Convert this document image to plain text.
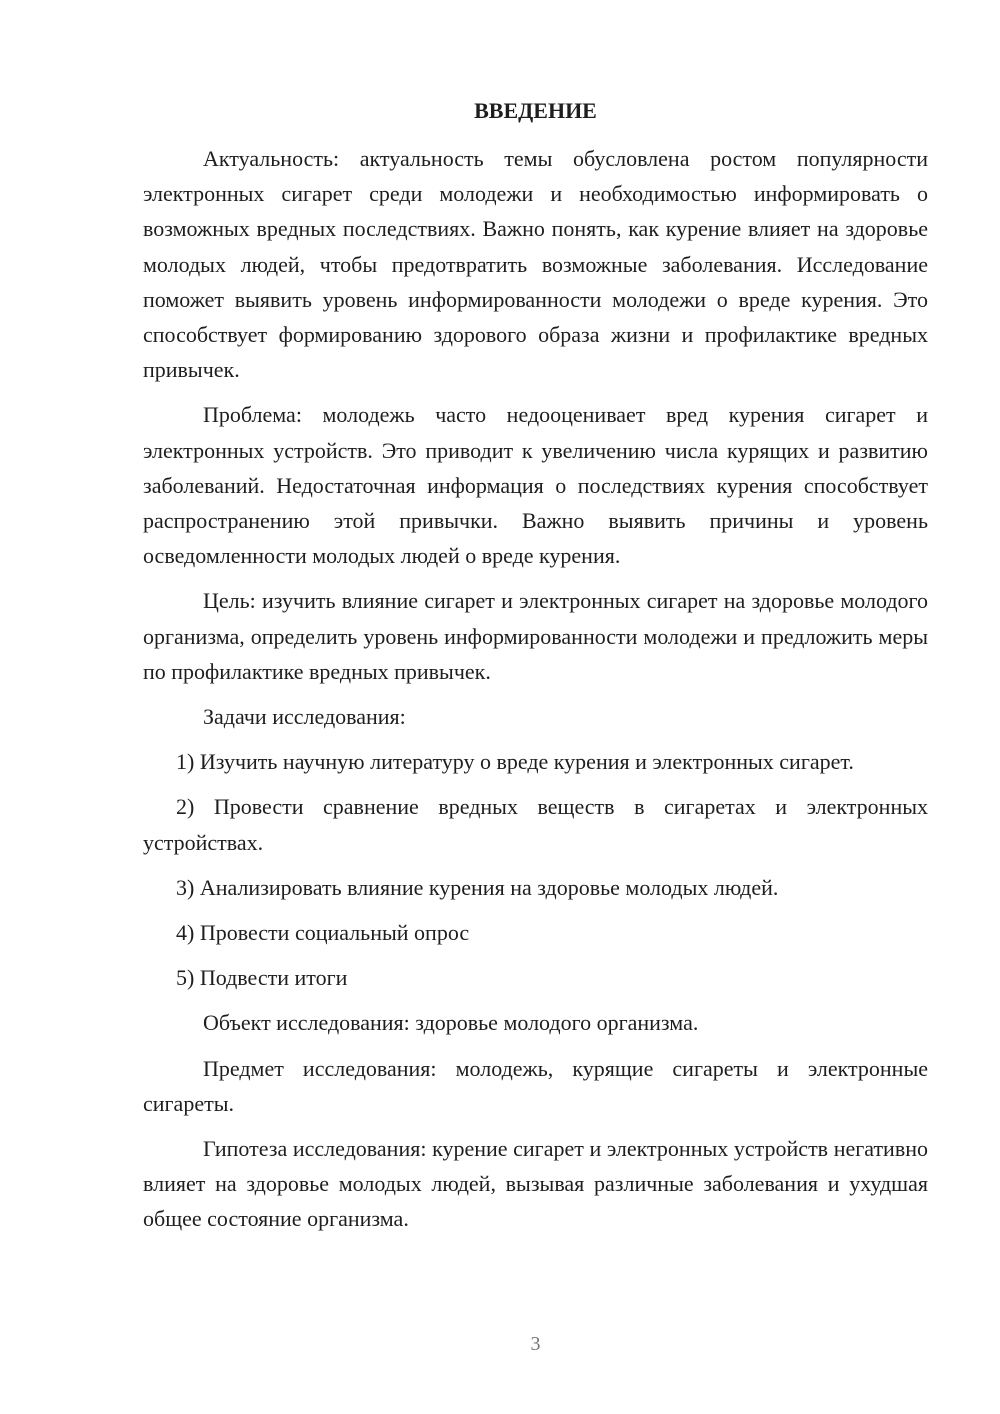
ВВЕДЕНИЕ

Актуальность: актуальность темы обусловлена ростом популярности электронных сигарет среди молодежи и необходимостью информировать о возможных вредных последствиях. Важно понять, как курение влияет на здоровье молодых людей, чтобы предотвратить возможные заболевания. Исследование поможет выявить уровень информированности молодежи о вреде курения. Это способствует формированию здорового образа жизни и профилактике вредных привычек.

Проблема: молодежь часто недооценивает вред курения сигарет и электронных устройств. Это приводит к увеличению числа курящих и развитию заболеваний. Недостаточная информация о последствиях курения способствует распространению этой привычки. Важно выявить причины и уровень осведомленности молодых людей о вреде курения.

Цель: изучить влияние сигарет и электронных сигарет на здоровье молодого организма, определить уровень информированности молодежи и предложить меры по профилактике вредных привычек.

Задачи исследования:

1) Изучить научную литературу о вреде курения и электронных сигарет.

2) Провести сравнение вредных веществ в сигаретах и электронных устройствах.

3) Анализировать влияние курения на здоровье молодых людей.

4) Провести социальный опрос

5) Подвести итоги

Объект исследования: здоровье молодого организма.

Предмет исследования: молодежь, курящие сигареты и электронные сигареты.

Гипотеза исследования: курение сигарет и электронных устройств негативно влияет на здоровье молодых людей, вызывая различные заболевания и ухудшая общее состояние организма.

3
